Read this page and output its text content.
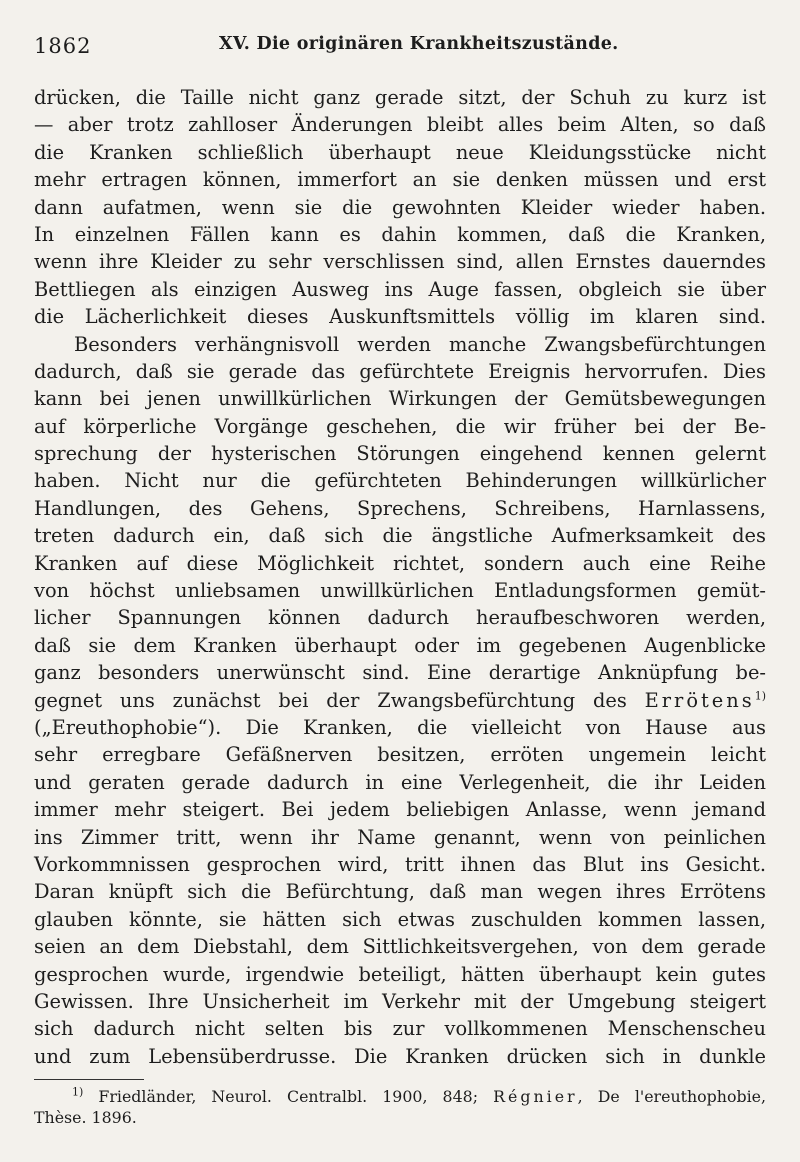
1862	XV. Die originären Krankheitszustände.
drücken, die Taille nicht ganz gerade sitzt, der Schuh zu kurz ist
— aber trotz zahlloser Änderungen bleibt alles beim Alten, so daß
die Kranken schließlich überhaupt neue Kleidungsstücke nicht
mehr ertragen können, immerfort an sie denken müssen und erst
dann aufatmen, wenn sie die gewohnten Kleider wieder haben.
In einzelnen Fällen kann es dahin kommen, daß die Kranken,
wenn ihre Kleider zu sehr verschlissen sind, allen Ernstes dauerndes
Bettliegen als einzigen Ausweg ins Auge fassen, obgleich sie über
die Lächerlichkeit dieses Auskunftsmittels völlig im klaren sind.
Besonders verhängnisvoll werden manche Zwangsbefürchtungen
dadurch, daß sie gerade das gefürchtete Ereignis hervorrufen. Dies
kann bei jenen unwillkürlichen Wirkungen der Gemütsbewegungen
auf körperliche Vorgänge geschehen, die wir früher bei der Be-
sprechung der hysterischen Störungen eingehend kennen gelernt
haben. Nicht nur die gefürchteten Behinderungen willkürlicher
Handlungen, des Gehens, Sprechens, Schreibens, Harnlassens,
treten dadurch ein, daß sich die ängstliche Aufmerksamkeit des
Kranken auf diese Möglichkeit richtet, sondern auch eine Reihe
von höchst unliebsamen unwillkürlichen Entladungsformen gemüt-
licher Spannungen können dadurch heraufbeschworen werden,
daß sie dem Kranken überhaupt oder im gegebenen Augenblicke
ganz besonders unerwünscht sind. Eine derartige Anknüpfung be-
gegnet uns zunächst bei der Zwangsbefürchtung des Errötens$^{1)}$
(„Ereuthophobie“). Die Kranken, die vielleicht von Hause aus
sehr erregbare Gefäßnerven besitzen, erröten ungemein leicht
und geraten gerade dadurch in eine Verlegenheit, die ihr Leiden
immer mehr steigert. Bei jedem beliebigen Anlasse, wenn jemand
ins Zimmer tritt, wenn ihr Name genannt, wenn von peinlichen
Vorkommnissen gesprochen wird, tritt ihnen das Blut ins Gesicht.
Daran knüpft sich die Befürchtung, daß man wegen ihres Errötens
glauben könnte, sie hätten sich etwas zuschulden kommen lassen,
seien an dem Diebstahl, dem Sittlichkeitsvergehen, von dem gerade
gesprochen wurde, irgendwie beteiligt, hätten überhaupt kein gutes
Gewissen. Ihre Unsicherheit im Verkehr mit der Umgebung steigert
sich dadurch nicht selten bis zur vollkommenen Menschenscheu
und zum Lebensüberdrusse. Die Kranken drücken sich in dunkle
$^{1)}$ Friedländer, Neurol. Centralbl. 1900, 848; Régnier, De l'ereuthophobie,
Thèse. 1896.
